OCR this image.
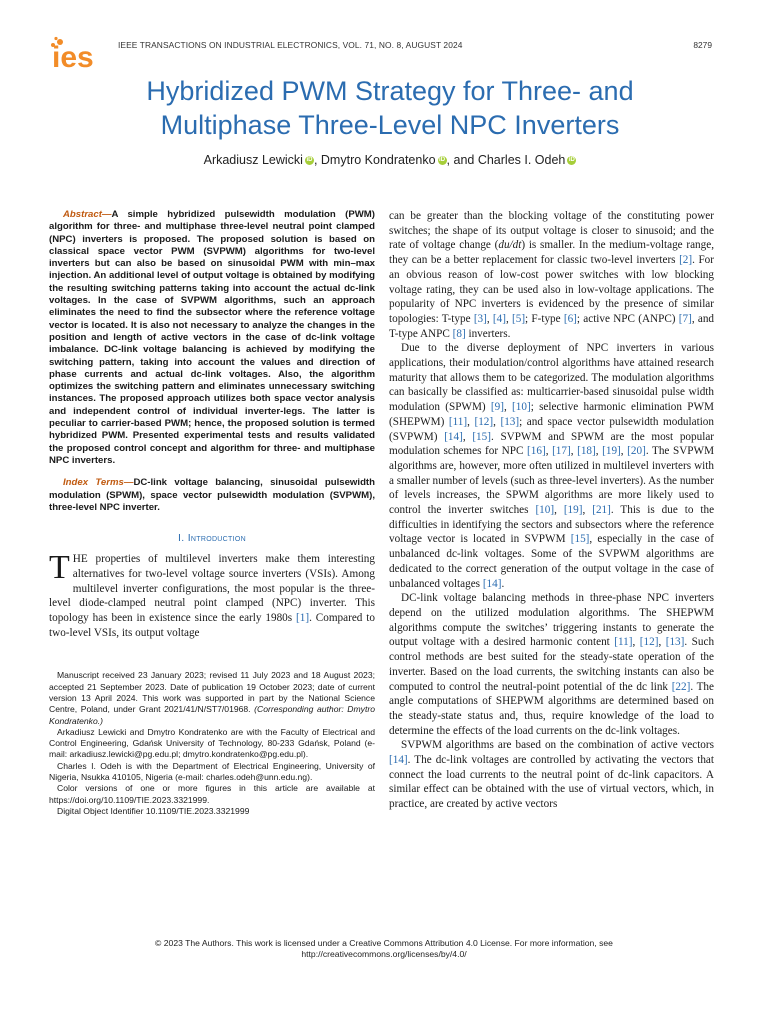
ies	IEEE TRANSACTIONS ON INDUSTRIAL ELECTRONICS, VOL. 71, NO. 8, AUGUST 2024	8279
Hybridized PWM Strategy for Three- and
Multiphase Three-Level NPC Inverters
Arkadiusz Lewicki iD , Dmytro Kondratenko iD , and Charles I. Odeh iD

Abstract—A simple hybridized pulsewidth modulation (PWM) algorithm for three- and multiphase three-level neutral point clamped (NPC) inverters is proposed. The proposed solution is based on classical space vector PWM (SVPWM) algorithms for two-level inverters but can also be based on sinusoidal PWM with min–max injection. An additional level of output voltage is obtained by modifying the resulting switching patterns taking into account the actual dc-link voltages. In the case of SVPWM algorithms, such an approach eliminates the need to find the subsector where the reference voltage vector is located. It is also not necessary to analyze the changes in the position and length of active vectors in the case of dc-link voltage imbalance. DC-link voltage balancing is achieved by modifying the switching pattern, taking into account the values and direction of phase currents and actual dc-link voltages. Also, the algorithm optimizes the switching pattern and eliminates unnecessary switching instances. The proposed approach utilizes both space vector analysis and independent control of individual inverter-legs. The latter is peculiar to carrier-based PWM; hence, the proposed solution is termed hybridized PWM. Presented experimental tests and results validated the proposed control concept and algorithm for three- and multiphase NPC inverters.

Index Terms—DC-link voltage balancing, sinusoidal pulsewidth modulation (SPWM), space vector pulsewidth modulation (SVPWM), three-level NPC inverter.

I. Introduction

THE properties of multilevel inverters make them interesting alternatives for two-level voltage source inverters (VSIs). Among multilevel inverter configurations, the most popular is the three-level diode-clamped neutral point clamped (NPC) inverter. This topology has been in existence since the early 1980s [1]. Compared to two-level VSIs, its output voltage

Manuscript received 23 January 2023; revised 11 July 2023 and 18 August 2023; accepted 21 September 2023. Date of publication 19 October 2023; date of current version 13 April 2024. This work was supported in part by the National Science Centre, Poland, under Grant 2021/41/N/ST7/01968. (Corresponding author: Dmytro Kondratenko.)

Arkadiusz Lewicki and Dmytro Kondratenko are with the Faculty of Electrical and Control Engineering, Gdańsk University of Technology, 80-233 Gdańsk, Poland (e-mail: arkadiusz.lewicki@pg.edu.pl; dmytro.kondratenko@pg.edu.pl).

Charles I. Odeh is with the Department of Electrical Engineering, University of Nigeria, Nsukka 410105, Nigeria (e-mail: charles.odeh@unn.edu.ng).

Color versions of one or more figures in this article are available at https://doi.org/10.1109/TIE.2023.3321999.

Digital Object Identifier 10.1109/TIE.2023.3321999

can be greater than the blocking voltage of the constituting power switches; the shape of its output voltage is closer to sinusoid; and the rate of voltage change (du/dt) is smaller. In the medium-voltage range, they can be a better replacement for classic two-level inverters [2]. For an obvious reason of low-cost power switches with low blocking voltage rating, they can be used also in low-voltage applications. The popularity of NPC inverters is evidenced by the presence of similar topologies: T-type [3], [4], [5]; F-type [6]; active NPC (ANPC) [7], and T-type ANPC [8] inverters.

Due to the diverse deployment of NPC inverters in various applications, their modulation/control algorithms have attained research maturity that allows them to be categorized. The modulation algorithms can basically be classified as: multicarrier-based sinusoidal pulse width modulation (SPWM) [9], [10]; selective harmonic elimination PWM (SHEPWM) [11], [12], [13]; and space vector pulsewidth modulation (SVPWM) [14], [15]. SVPWM and SPWM are the most popular modulation schemes for NPC [16], [17], [18], [19], [20]. The SVPWM algorithms are, however, more often utilized in multilevel inverters with a smaller number of levels (such as three-level inverters). As the number of levels increases, the SPWM algorithms are more likely used to control the inverter switches [10], [19], [21]. This is due to the difficulties in identifying the sectors and subsectors where the reference voltage vector is located in SVPWM [15], especially in the case of unbalanced dc-link voltages. Some of the SVPWM algorithms are dedicated to the correct generation of the output voltage in the case of unbalanced voltages [14].

DC-link voltage balancing methods in three-phase NPC inverters depend on the utilized modulation algorithms. The SHEPWM algorithms compute the switches’ triggering instants to generate the output voltage with a desired harmonic content [11], [12], [13]. Such control methods are best suited for the steady-state operation of the inverter. Based on the load currents, the switching instants can also be computed to control the neutral-point potential of the dc link [22]. The angle computations of SHEPWM algorithms are determined based on the steady-state status and, thus, require knowledge of the load to determine the effects of the load currents on the dc-link voltages.

SVPWM algorithms are based on the combination of active vectors [14]. The dc-link voltages are controlled by activating the vectors that connect the load currents to the neutral point of dc-link capacitors. A similar effect can be obtained with the use of virtual vectors, which, in practice, are created by active vectors

© 2023 The Authors. This work is licensed under a Creative Commons Attribution 4.0 License. For more information, see
http://creativecommons.org/licenses/by/4.0/
